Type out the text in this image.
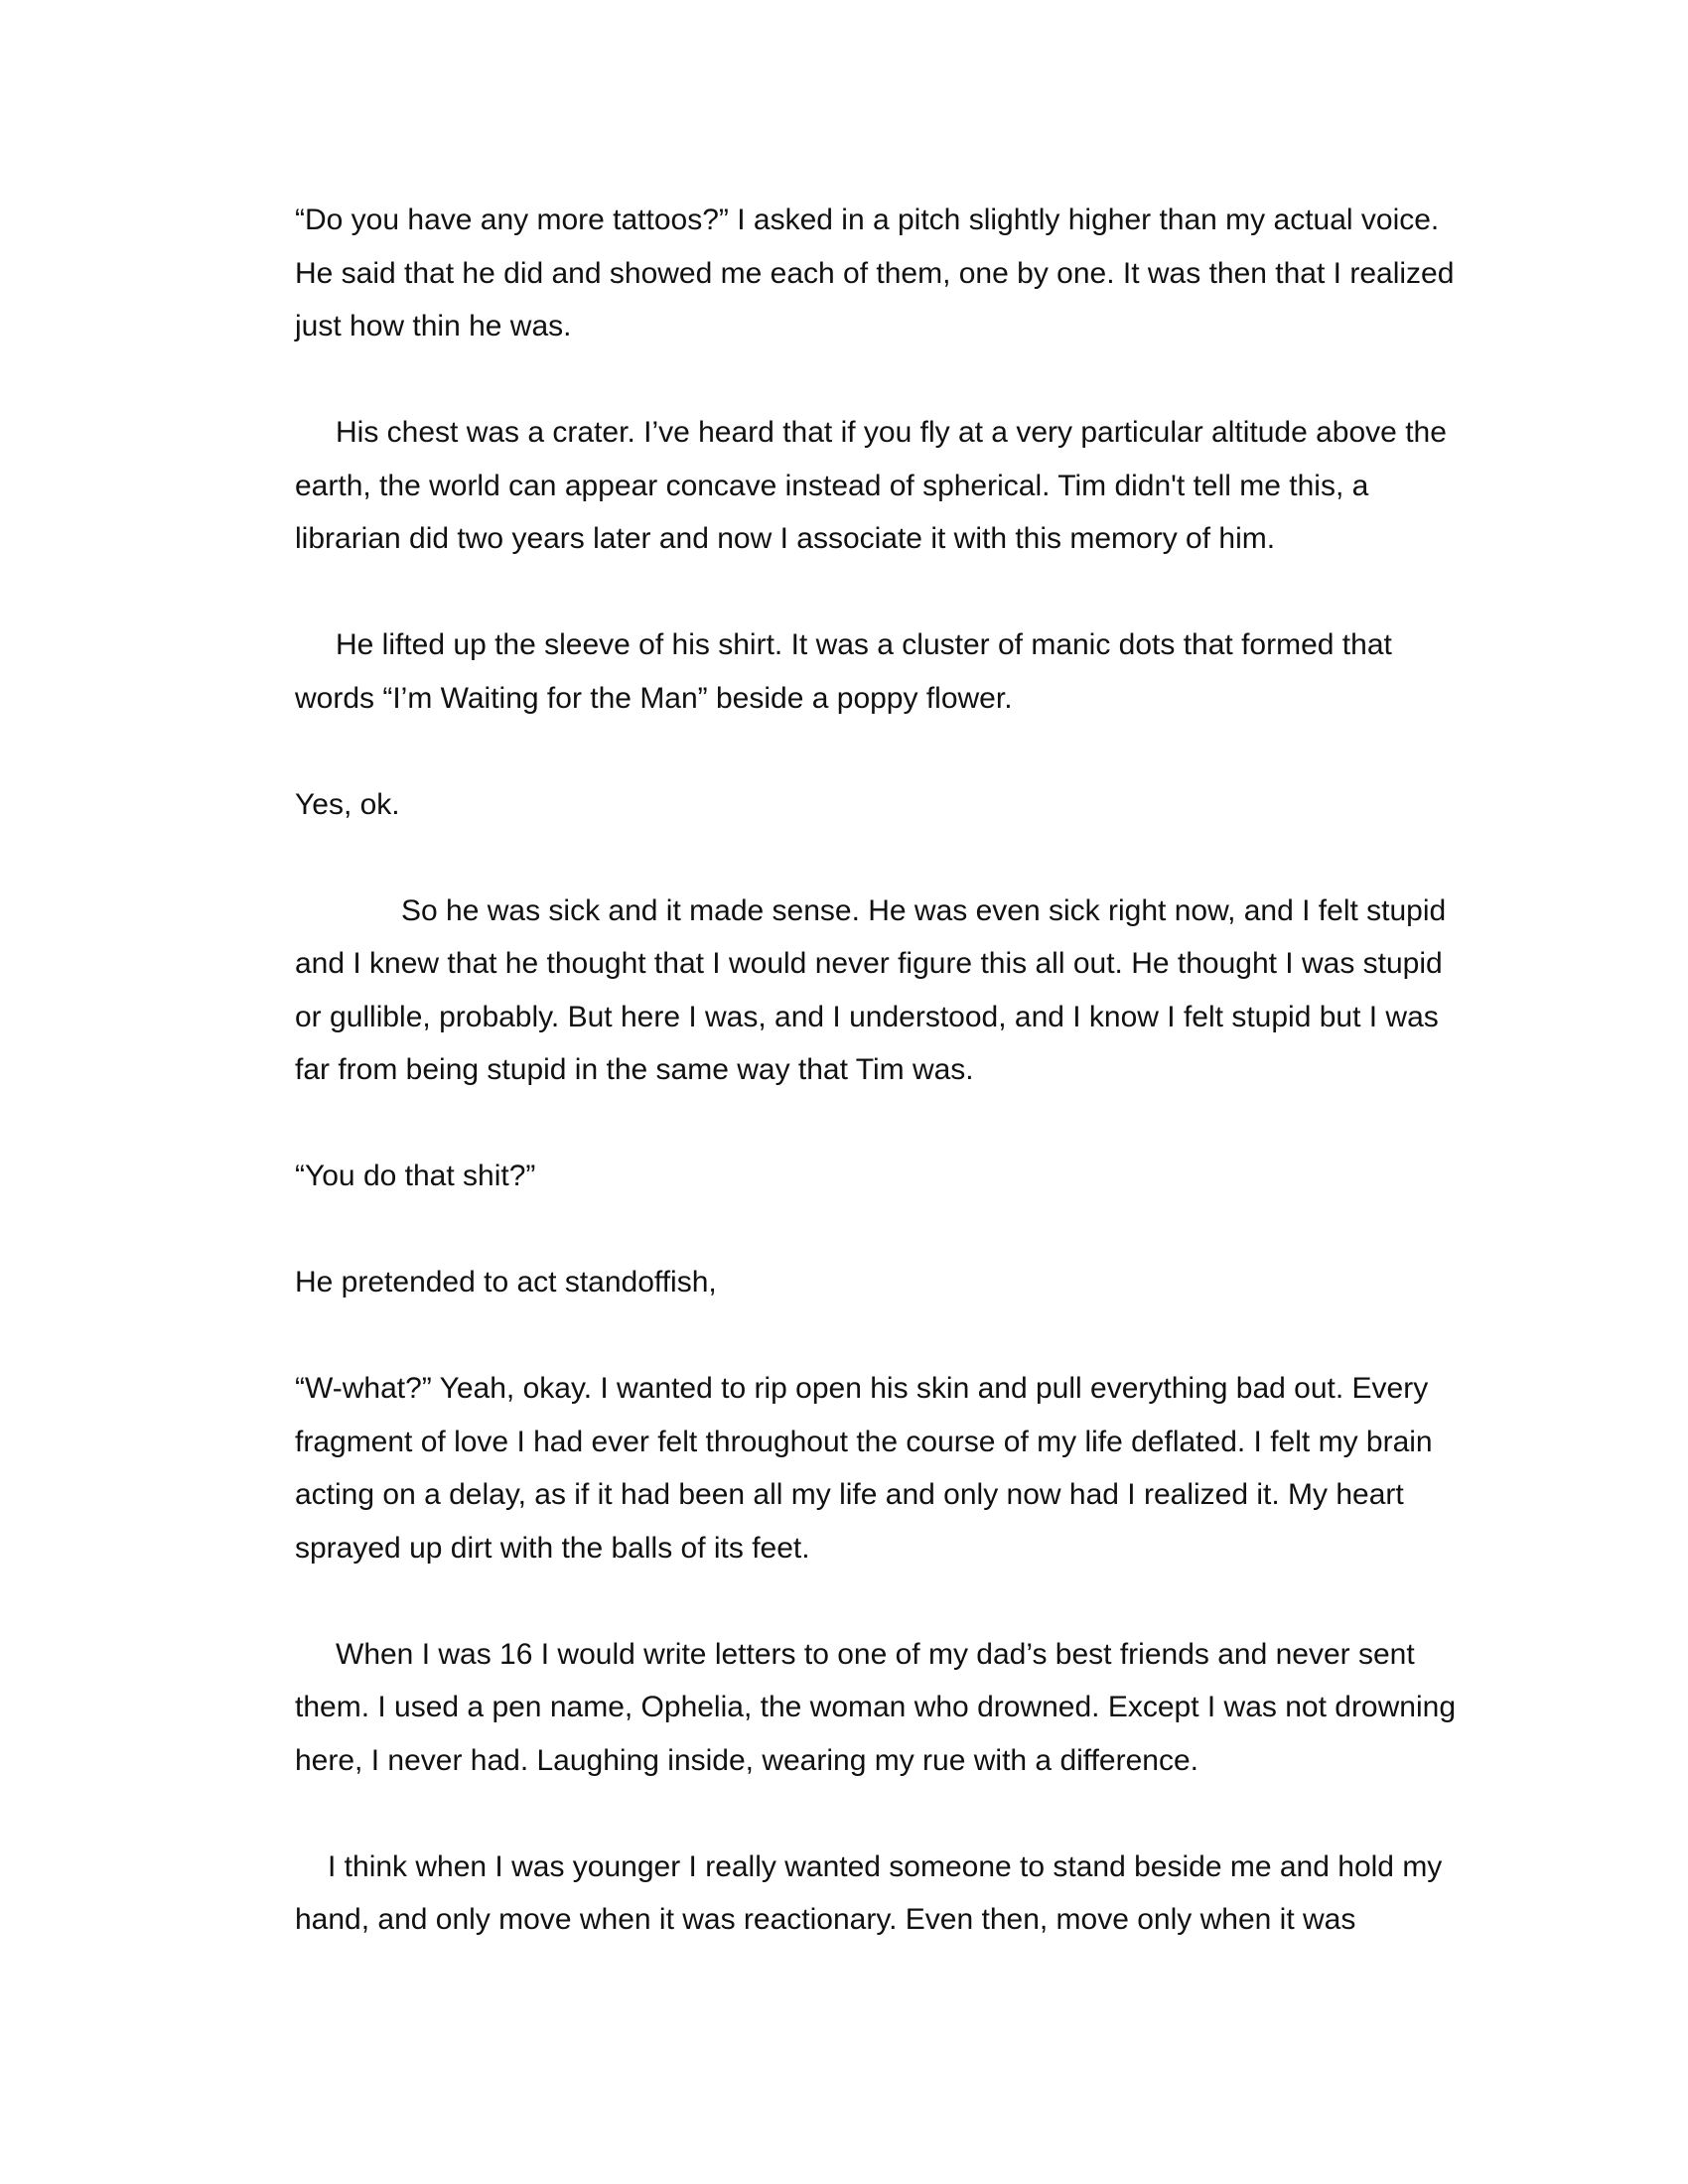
“Do you have any more tattoos?” I asked in a pitch slightly higher than my actual voice.
He said that he did and showed me each of them, one by one. It was then that I realized
just how thin he was.

His chest was a crater. I’ve heard that if you fly at a very particular altitude above the
earth, the world can appear concave instead of spherical. Tim didn't tell me this, a
librarian did two years later and now I associate it with this memory of him.

He lifted up the sleeve of his shirt. It was a cluster of manic dots that formed that
words “I’m Waiting for the Man” beside a poppy flower.

Yes, ok.

So he was sick and it made sense. He was even sick right now, and I felt stupid
and I knew that he thought that I would never figure this all out. He thought I was stupid
or gullible, probably. But here I was, and I understood, and I know I felt stupid but I was
far from being stupid in the same way that Tim was.

“You do that shit?”

He pretended to act standoffish,

“W-what?” Yeah, okay. I wanted to rip open his skin and pull everything bad out. Every
fragment of love I had ever felt throughout the course of my life deflated. I felt my brain
acting on a delay, as if it had been all my life and only now had I realized it. My heart
sprayed up dirt with the balls of its feet.

When I was 16 I would write letters to one of my dad’s best friends and never sent
them. I used a pen name, Ophelia, the woman who drowned. Except I was not drowning
here, I never had. Laughing inside, wearing my rue with a difference.

I think when I was younger I really wanted someone to stand beside me and hold my
hand, and only move when it was reactionary. Even then, move only when it was
